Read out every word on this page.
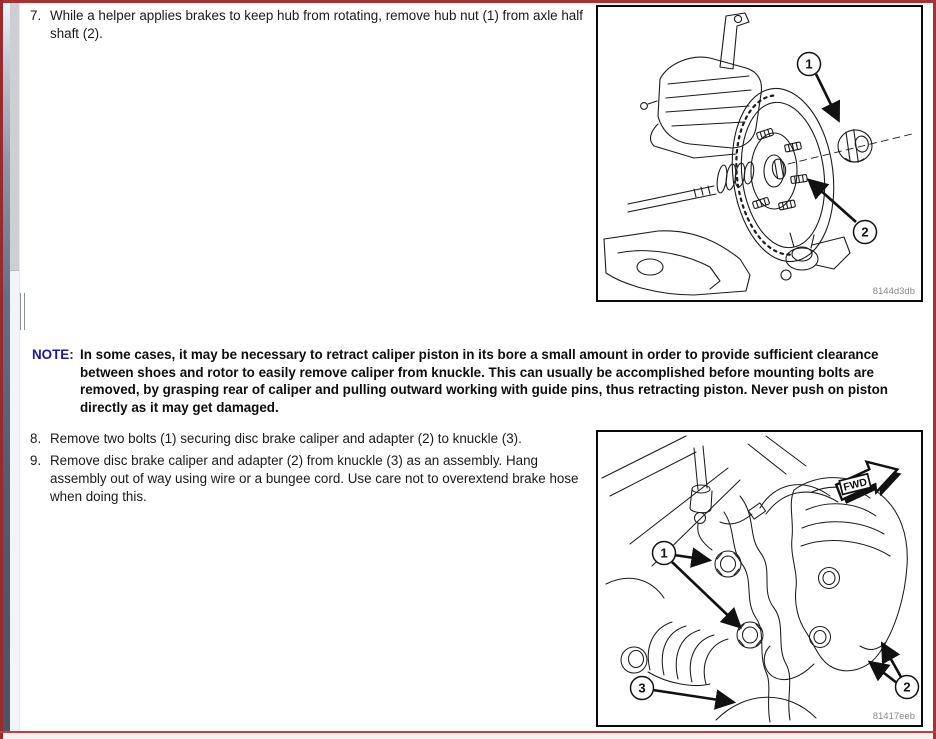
7. While a helper applies brakes to keep hub from rotating, remove hub nut (1) from axle half
shaft (2).
NOTE: In some cases, it may be necessary to retract caliper piston in its bore a small amount in order to provide sufficient clearance
between shoes and rotor to easily remove caliper from knuckle. This can usually be accomplished before mounting bolts are
removed, by grasping rear of caliper and pulling outward working with guide pins, thus retracting piston. Never push on piston
directly as it may get damaged.
8. Remove two bolts (1) securing disc brake caliper and adapter (2) to knuckle (3).
9. Remove disc brake caliper and adapter (2) from knuckle (3) as an assembly. Hang
assembly out of way using wire or a bungee cord. Use care not to overextend brake hose
when doing this.
1
2
8144d3db
FWD
1
2
3
81417eeb
